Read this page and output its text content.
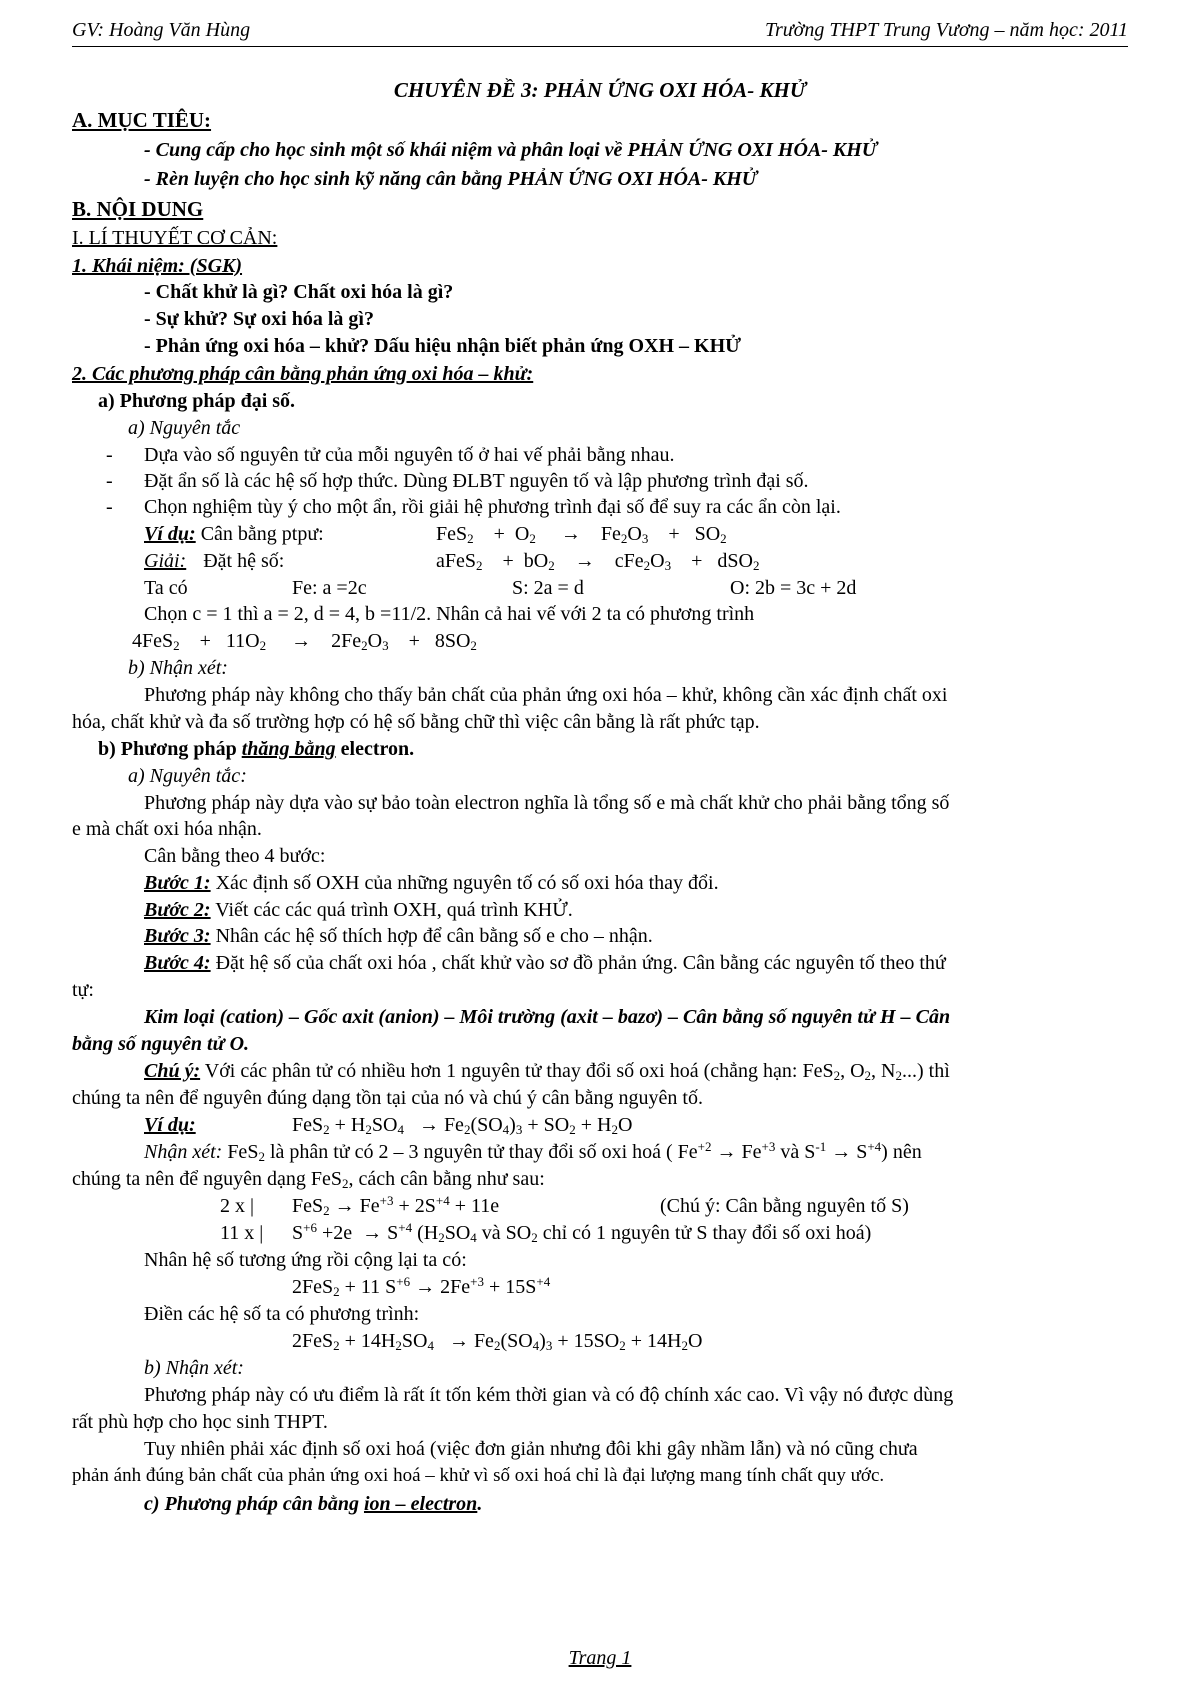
GV: Hoàng Văn Hùng	Trường THPT Trung Vương – năm học: 2011
CHUYÊN ĐỀ 3: PHẢN ỨNG OXI HÓA- KHỬ
A. MỤC TIÊU:
- Cung cấp cho học sinh một số khái niệm và phân loại về PHẢN ỨNG OXI HÓA- KHỬ
- Rèn luyện cho học sinh kỹ năng cân bằng PHẢN ỨNG OXI HÓA- KHỬ
B. NỘI DUNG
I. LÍ THUYẾT CƠ CẢN:
1. Khái niệm: (SGK)
- Chất khử là gì? Chất oxi hóa là gì?
- Sự khử? Sự oxi hóa là gì?
- Phản ứng oxi hóa – khử? Dấu hiệu nhận biết phản ứng OXH – KHỬ
2. Các phương pháp cân bằng phản ứng oxi hóa – khử:
a) Phương pháp đại số.
a) Nguyên tắc
- Dựa vào số nguyên tử của mỗi nguyên tố ở hai vế phải bằng nhau.
- Đặt ẩn số là các hệ số hợp thức. Dùng ĐLBT nguyên tố và lập phương trình đại số.
- Chọn nghiệm tùy ý cho một ẩn, rồi giải hệ phương trình đại số để suy ra các ẩn còn lại.
Ví dụ: Cân bằng ptpư:	FeS$_2$    +  $O_2$     →    $Fe_2O_3$    +   $SO_2$
Giải: Đặt hệ số:	aFeS$_2$    +  $bO_2$    →    $cFe_2O_3$    +   dSO$_2$
Ta có	Fe: a =2c	S: 2a = d	O: 2b = 3c + 2d
Chọn c = 1 thì a = 2, d = 4, b =11/2. Nhân cả hai vế với 2 ta có phương trình
4FeS$_2$    +   $11O_2$     →    $2Fe_2O_3$    +   $8SO_2$
b) Nhận xét:
Phương pháp này không cho thấy bản chất của phản ứng oxi hóa – khử, không cần xác định chất oxi
hóa, chất khử và đa số trường hợp có hệ số bằng chữ thì việc cân bằng là rất phức tạp.
b) Phương pháp thăng bằng electron.
a) Nguyên tắc:
Phương pháp này dựa vào sự bảo toàn electron nghĩa là tổng số e mà chất khử cho phải bằng tổng số
e mà chất oxi hóa nhận.
Cân bằng theo 4 bước:
Bước 1: Xác định số OXH của những nguyên tố có số oxi hóa thay đổi.
Bước 2: Viết các các quá trình OXH, quá trình KHỬ.
Bước 3: Nhân các hệ số thích hợp để cân bằng số e cho – nhận.
Bước 4: Đặt hệ số của chất oxi hóa , chất khử vào sơ đồ phản ứng. Cân bằng các nguyên tố theo thứ
tự:
Kim loại (cation) – Gốc axit (anion) – Môi trường (axit – bazơ) – Cân bằng số nguyên tử H – Cân
bằng số nguyên tử O.
Chú ý: Với các phân tử có nhiều hơn 1 nguyên tử thay đổi số oxi hoá (chẳng hạn: FeS$_2$, $O_2$, $N_2$...) thì
chúng ta nên để nguyên đúng dạng tồn tại của nó và chú ý cân bằng nguyên tố.
Ví dụ:	$FeS_2 + H_2SO_4 \to Fe_2(SO_4)_3 + SO_2 + H_2O$
Nhận xét: FeS$_2$ là phân tử có 2 – 3 nguyên tử thay đổi số oxi hoá ( $Fe^{+2} \to Fe^{+3}$ và $S^{-1} \to S^{+4}$) nên
chúng ta nên để nguyên dạng FeS$_2$, cách cân bằng như sau:
2 x | $FeS_2 \to Fe^{+3} + 2S^{+4} + 11e$	(Chú ý: Cân bằng nguyên tố S)
11 x | $S^{+6} +2e \to S^{+4}$ ($H_2SO_4$ và $SO_2$ chỉ có 1 nguyên tử S thay đổi số oxi hoá)
Nhân hệ số tương ứng rồi cộng lại ta có:
2FeS$_2$ + 11 $S^{+6} \to 2Fe^{+3} + 15S^{+4}$
Điền các hệ số ta có phương trình:
$2FeS_2 + 14H_2SO_4 \to Fe_2(SO_4)_3 + 15SO_2 + 14H_2O$
b) Nhận xét:
Phương pháp này có ưu điểm là rất ít tốn kém thời gian và có độ chính xác cao. Vì vậy nó được dùng
rất phù hợp cho học sinh THPT.
Tuy nhiên phải xác định số oxi hoá (việc đơn giản nhưng đôi khi gây nhầm lẫn) và nó cũng chưa
phản ánh đúng bản chất của phản ứng oxi hoá – khử vì số oxi hoá chỉ là đại lượng mang tính chất quy ước.
c) Phương pháp cân bằng ion – electron.
Trang 1
